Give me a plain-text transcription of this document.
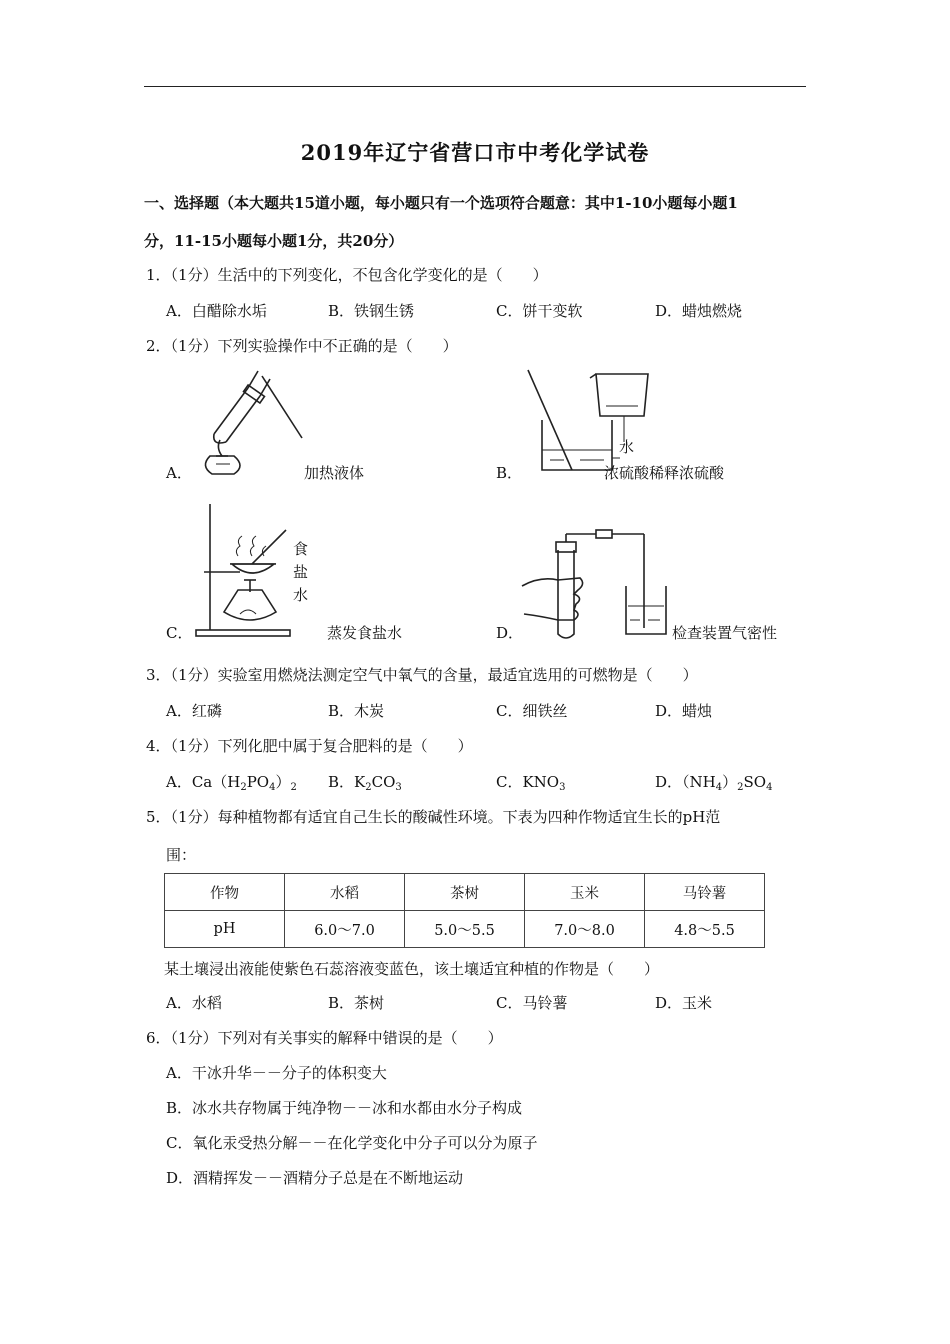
2019年辽宁省营口市中考化学试卷
一、选择题（本大题共15道小题，每小题只有一个选项符合题意：其中1-10小题每小题1
分，11-15小题每小题1分，共20分）
1．（1分）生活中的下列变化，不包含化学变化的是（　　）
A．白醋除水垢	B．铁钢生锈	C．饼干变软	D．蜡烛燃烧
2．（1分）下列实验操作中不正确的是（　　）
A．	加热液体
水
B．	浓硫酸稀释浓硫酸
食
盐
水
C．	蒸发食盐水	D．	检查装置气密性
3．（1分）实验室用燃烧法测定空气中氧气的含量，最适宜选用的可燃物是（　　）
A．红磷	B．木炭	C．细铁丝	D．蜡烛
4．（1分）下列化肥中属于复合肥料的是（　　）
A．$Ca(H_2PO_4)_2$ B．$K_2CO_3$	C．$KNO_3$	D．$(NH_4)_2SO_4$
5．（1分）每种植物都有适宜自己生长的酸碱性环境。下表为四种作物适宜生长的pH范
围：
作物	水稻	茶树	玉米	马铃薯
pH	6.0～7.0	5.0～5.5	7.0～8.0	4.8～5.5
某土壤浸出液能使紫色石蕊溶液变蓝色，该土壤适宜种植的作物是（　　）
A．水稻	B．茶树	C．马铃薯	D．玉米
6．（1分）下列对有关事实的解释中错误的是（　　）
A．干冰升华－－分子的体积变大
B．冰水共存物属于纯净物－－冰和水都由水分子构成
C．氧化汞受热分解－－在化学变化中分子可以分为原子
D．酒精挥发－－酒精分子总是在不断地运动
